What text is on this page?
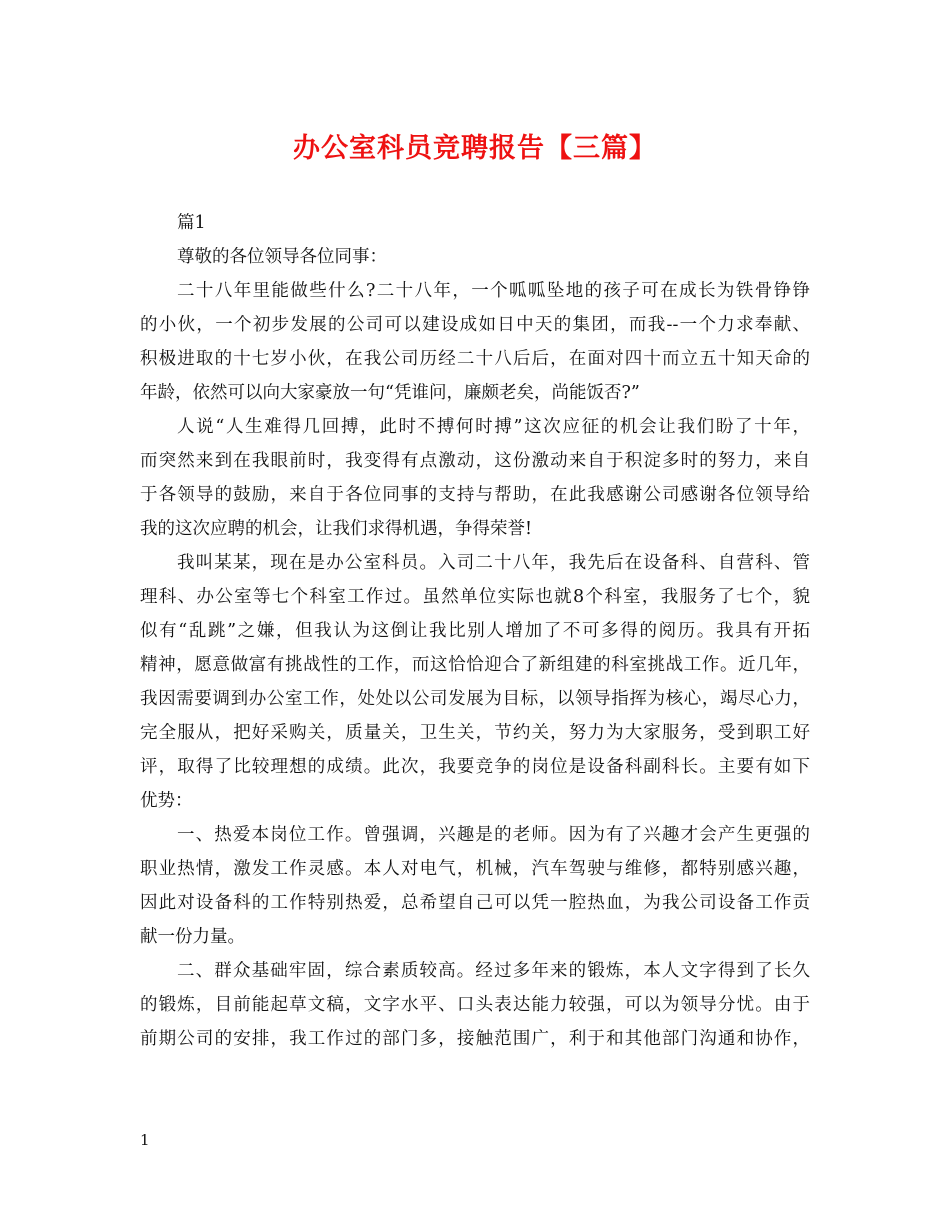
办公室科员竞聘报告【三篇】
篇1
尊敬的各位领导各位同事：
二十八年里能做些什么?二十八年，一个呱呱坠地的孩子可在成长为铁骨铮铮
的小伙，一个初步发展的公司可以建设成如日中天的集团，而我--一个力求奉献、
积极进取的十七岁小伙，在我公司历经二十八后后，在面对四十而立五十知天命的
年龄，依然可以向大家豪放一句“凭谁问，廉颇老矣，尚能饭否?”
人说“人生难得几回搏，此时不搏何时搏”这次应征的机会让我们盼了十年，
而突然来到在我眼前时，我变得有点激动，这份激动来自于积淀多时的努力，来自
于各领导的鼓励，来自于各位同事的支持与帮助，在此我感谢公司感谢各位领导给
我的这次应聘的机会，让我们求得机遇，争得荣誉!
我叫某某，现在是办公室科员。入司二十八年，我先后在设备科、自营科、管
理科、办公室等七个科室工作过。虽然单位实际也就8个科室，我服务了七个，貌
似有“乱跳”之嫌，但我认为这倒让我比别人增加了不可多得的阅历。我具有开拓
精神，愿意做富有挑战性的工作，而这恰恰迎合了新组建的科室挑战工作。近几年，
我因需要调到办公室工作，处处以公司发展为目标，以领导指挥为核心，竭尽心力，
完全服从，把好采购关，质量关，卫生关，节约关，努力为大家服务，受到职工好
评，取得了比较理想的成绩。此次，我要竞争的岗位是设备科副科长。主要有如下
优势：
一、热爱本岗位工作。曾强调，兴趣是的老师。因为有了兴趣才会产生更强的
职业热情，激发工作灵感。本人对电气，机械，汽车驾驶与维修，都特别感兴趣，
因此对设备科的工作特别热爱，总希望自己可以凭一腔热血，为我公司设备工作贡
献一份力量。
二、群众基础牢固，综合素质较高。经过多年来的锻炼，本人文字得到了长久
的锻炼，目前能起草文稿，文字水平、口头表达能力较强，可以为领导分忧。由于
前期公司的安排，我工作过的部门多，接触范围广，利于和其他部门沟通和协作，
1
